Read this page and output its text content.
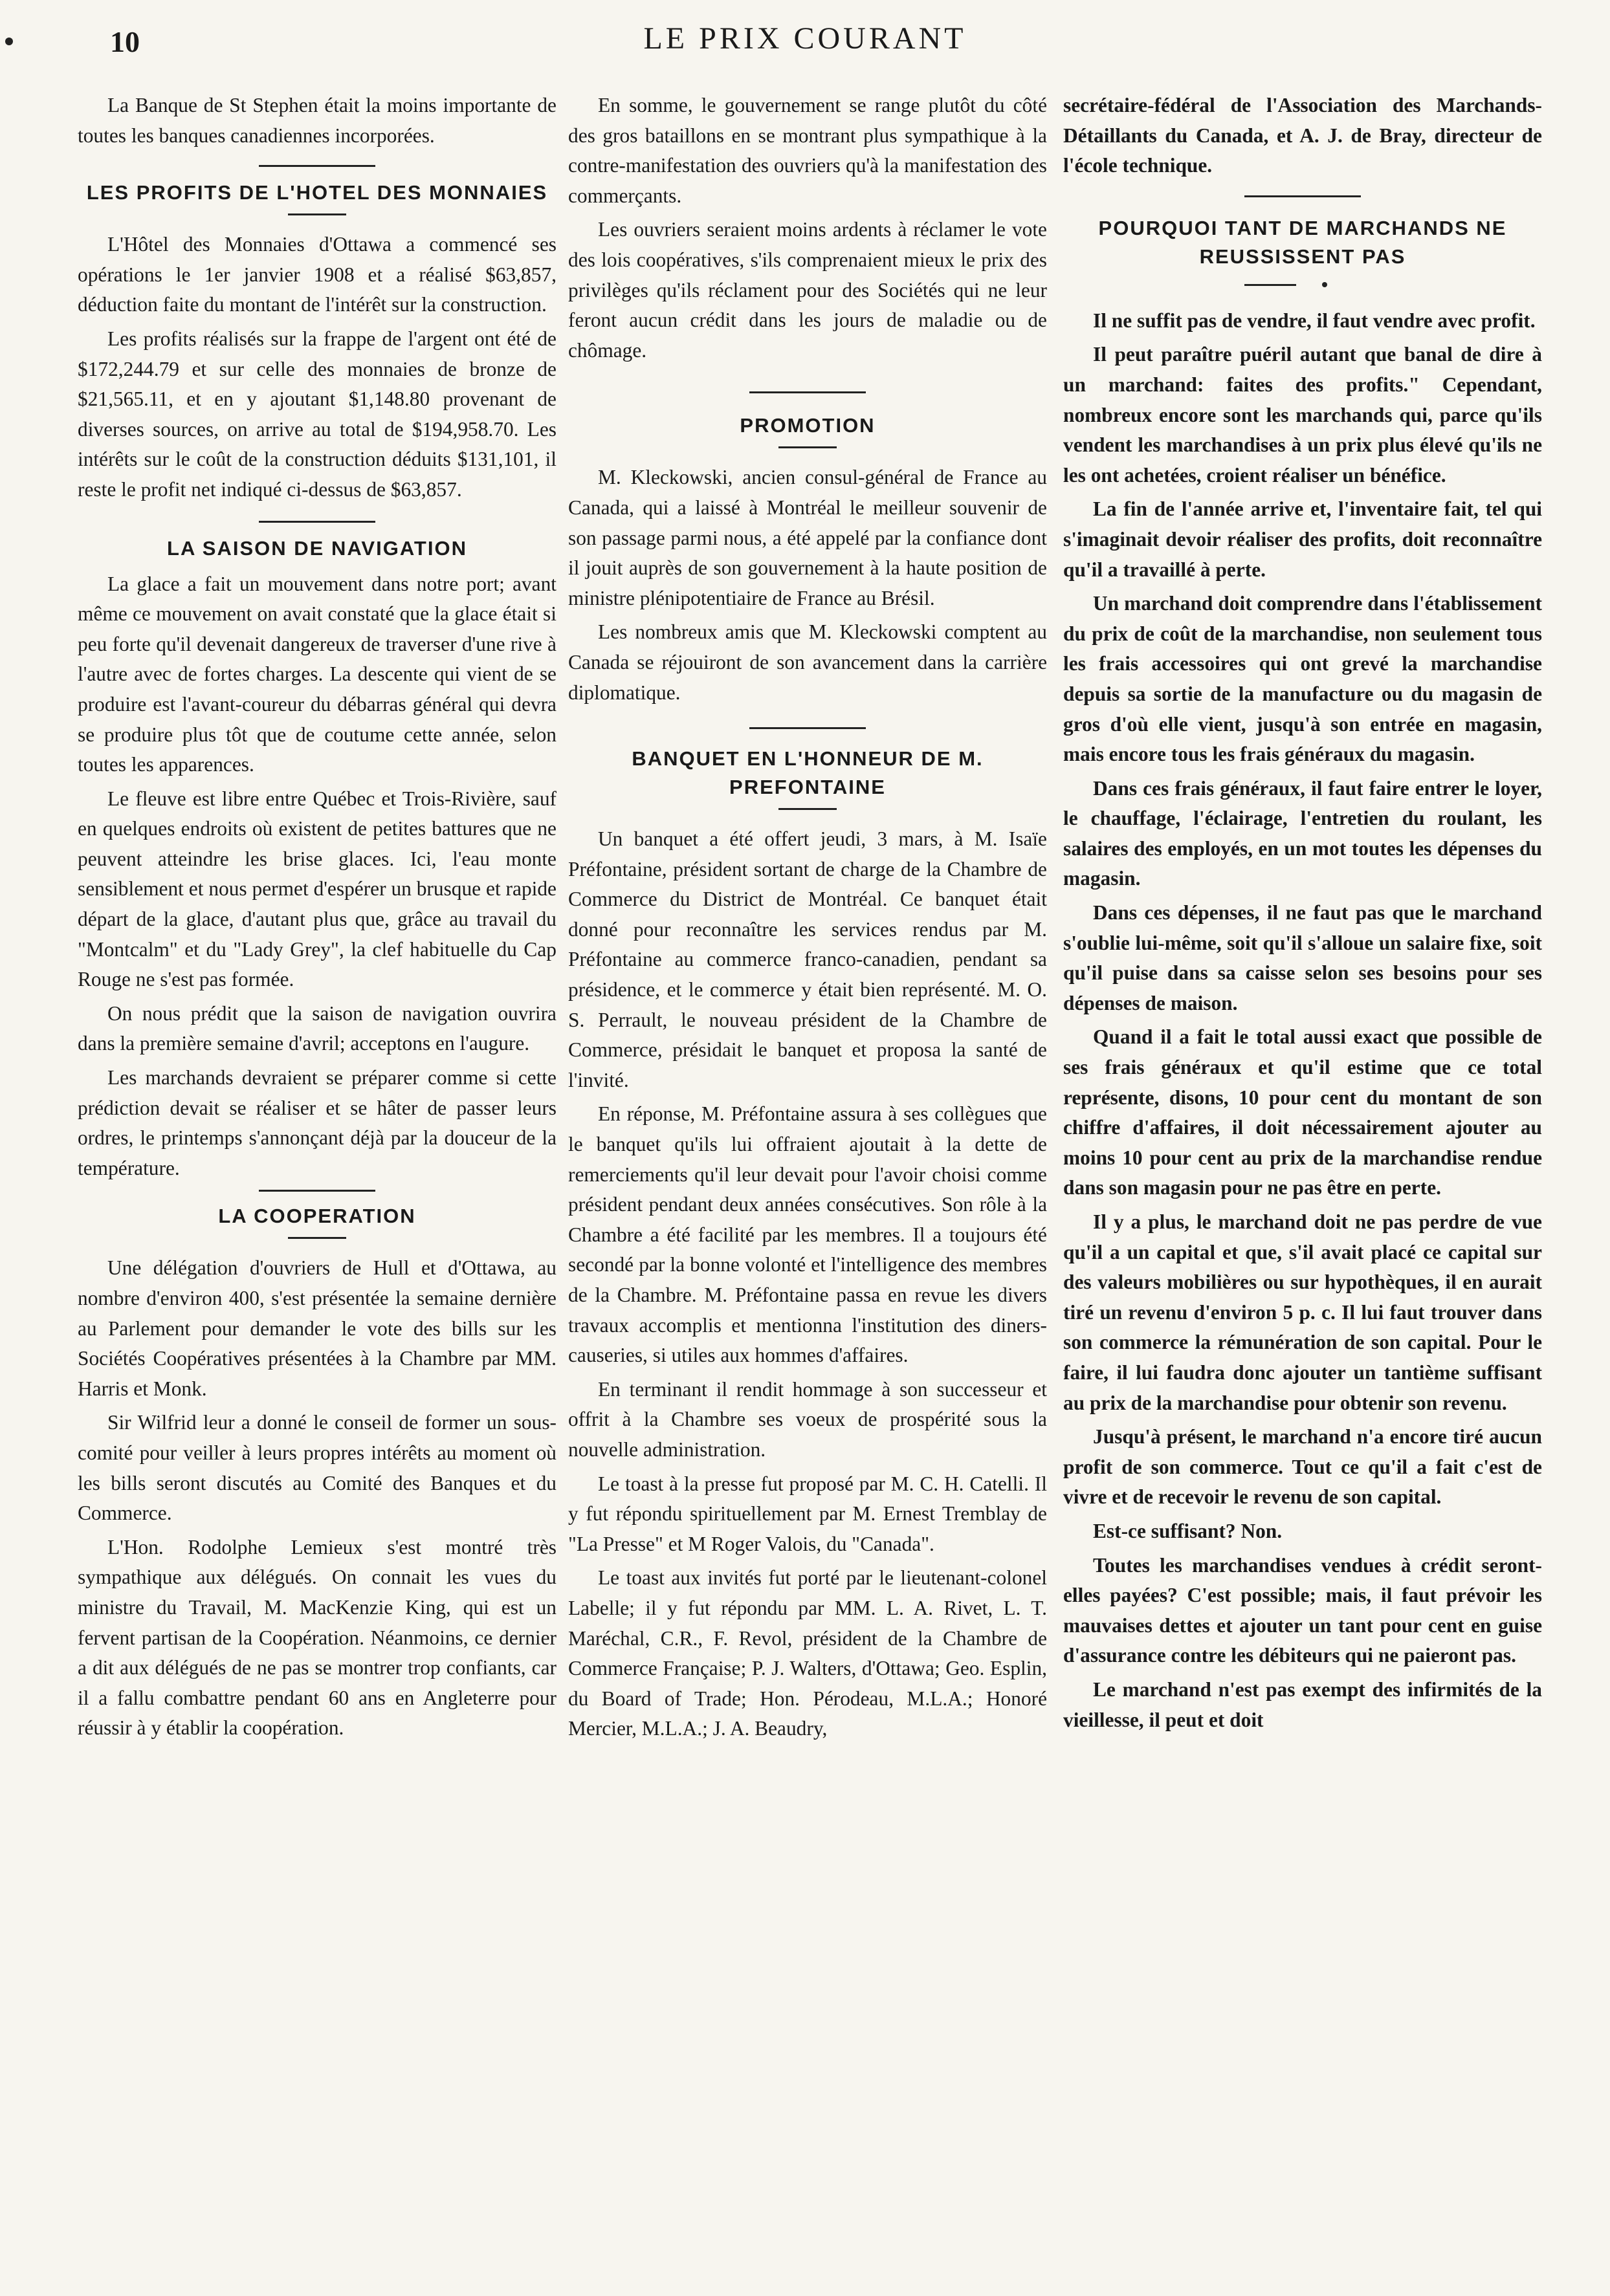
10	LE PRIX COURANT

La Banque de St Stephen était la moins importante de toutes les banques canadiennes incorporées.

LES PROFITS DE L'HOTEL DES MONNAIES

L'Hôtel des Monnaies d'Ottawa a commencé ses opérations le 1er janvier 1908 et a réalisé $63,857, déduction faite du montant de l'intérêt sur la construction.

Les profits réalisés sur la frappe de l'argent ont été de $172,244.79 et sur celle des monnaies de bronze de $21,565.11, et en y ajoutant $1,148.80 provenant de diverses sources, on arrive au total de $194,958.70. Les intérêts sur le coût de la construction déduits $131,101, il reste le profit net indiqué ci-dessus de $63,857.

LA SAISON DE NAVIGATION

La glace a fait un mouvement dans notre port; avant même ce mouvement on avait constaté que la glace était si peu forte qu'il devenait dangereux de traverser d'une rive à l'autre avec de fortes charges. La descente qui vient de se produire est l'avant-coureur du débarras général qui devra se produire plus tôt que de coutume cette année, selon toutes les apparences.

Le fleuve est libre entre Québec et Trois-Rivière, sauf en quelques endroits où existent de petites battures que ne peuvent atteindre les brise glaces. Ici, l'eau monte sensiblement et nous permet d'espérer un brusque et rapide départ de la glace, d'autant plus que, grâce au travail du "Montcalm" et du "Lady Grey", la clef habituelle du Cap Rouge ne s'est pas formée.

On nous prédit que la saison de navigation ouvrira dans la première semaine d'avril; acceptons en l'augure.

Les marchands devraient se préparer comme si cette prédiction devait se réaliser et se hâter de passer leurs ordres, le printemps s'annonçant déjà par la douceur de la température.

LA COOPERATION

Une délégation d'ouvriers de Hull et d'Ottawa, au nombre d'environ 400, s'est présentée la semaine dernière au Parlement pour demander le vote des bills sur les Sociétés Coopératives présentées à la Chambre par MM. Harris et Monk.

Sir Wilfrid leur a donné le conseil de former un sous-comité pour veiller à leurs propres intérêts au moment où les bills seront discutés au Comité des Banques et du Commerce.

L'Hon. Rodolphe Lemieux s'est montré très sympathique aux délégués. On connait les vues du ministre du Travail, M. MacKenzie King, qui est un fervent partisan de la Coopération. Néanmoins, ce dernier a dit aux délégués de ne pas se montrer trop confiants, car il a fallu combattre pendant 60 ans en Angleterre pour réussir à y établir la coopération.

En somme, le gouvernement se range plutôt du côté des gros bataillons en se montrant plus sympathique à la contre-manifestation des ouvriers qu'à la manifestation des commerçants.

Les ouvriers seraient moins ardents à réclamer le vote des lois coopératives, s'ils comprenaient mieux le prix des privilèges qu'ils réclament pour des Sociétés qui ne leur feront aucun crédit dans les jours de maladie ou de chômage.

PROMOTION

M. Kleckowski, ancien consul-général de France au Canada, qui a laissé à Montréal le meilleur souvenir de son passage parmi nous, a été appelé par la confiance dont il jouit auprès de son gouvernement à la haute position de ministre plénipotentiaire de France au Brésil.

Les nombreux amis que M. Kleckowski comptent au Canada se réjouiront de son avancement dans la carrière diplomatique.

BANQUET EN L'HONNEUR DE M. PREFONTAINE

Un banquet a été offert jeudi, 3 mars, à M. Isaïe Préfontaine, président sortant de charge de la Chambre de Commerce du District de Montréal. Ce banquet était donné pour reconnaître les services rendus par M. Préfontaine au commerce franco-canadien, pendant sa présidence, et le commerce y était bien représenté. M. O. S. Perrault, le nouveau président de la Chambre de Commerce, présidait le banquet et proposa la santé de l'invité.

En réponse, M. Préfontaine assura à ses collègues que le banquet qu'ils lui offraient ajoutait à la dette de remerciements qu'il leur devait pour l'avoir choisi comme président pendant deux années consécutives. Son rôle à la Chambre a été facilité par les membres. Il a toujours été secondé par la bonne volonté et l'intelligence des membres de la Chambre. M. Préfontaine passa en revue les divers travaux accomplis et mentionna l'institution des diners-causeries, si utiles aux hommes d'affaires.

En terminant il rendit hommage à son successeur et offrit à la Chambre ses voeux de prospérité sous la nouvelle administration.

Le toast à la presse fut proposé par M. C. H. Catelli. Il y fut répondu spirituellement par M. Ernest Tremblay de "La Presse" et M Roger Valois, du "Canada".

Le toast aux invités fut porté par le lieutenant-colonel Labelle; il y fut répondu par MM. L. A. Rivet, L. T. Maréchal, C.R., F. Revol, président de la Chambre de Commerce Française; P. J. Walters, d'Ottawa; Geo. Esplin, du Board of Trade; Hon. Pérodeau, M.L.A.; Honoré Mercier, M.L.A.; J. A. Beaudry,

secrétaire-fédéral de l'Association des Marchands-Détaillants du Canada, et A. J. de Bray, directeur de l'école technique.

POURQUOI TANT DE MARCHANDS NE REUSSISSENT PAS

Il ne suffit pas de vendre, il faut vendre avec profit.

Il peut paraître puéril autant que banal de dire à un marchand: faites des profits." Cependant, nombreux encore sont les marchands qui, parce qu'ils vendent les marchandises à un prix plus élevé qu'ils ne les ont achetées, croient réaliser un bénéfice.

La fin de l'année arrive et, l'inventaire fait, tel qui s'imaginait devoir réaliser des profits, doit reconnaître qu'il a travaillé à perte.

Un marchand doit comprendre dans l'établissement du prix de coût de la marchandise, non seulement tous les frais accessoires qui ont grevé la marchandise depuis sa sortie de la manufacture ou du magasin de gros d'où elle vient, jusqu'à son entrée en magasin, mais encore tous les frais généraux du magasin.

Dans ces frais généraux, il faut faire entrer le loyer, le chauffage, l'éclairage, l'entretien du roulant, les salaires des employés, en un mot toutes les dépenses du magasin.

Dans ces dépenses, il ne faut pas que le marchand s'oublie lui-même, soit qu'il s'alloue un salaire fixe, soit qu'il puise dans sa caisse selon ses besoins pour ses dépenses de maison.

Quand il a fait le total aussi exact que possible de ses frais généraux et qu'il estime que ce total représente, disons, 10 pour cent du montant de son chiffre d'affaires, il doit nécessairement ajouter au moins 10 pour cent au prix de la marchandise rendue dans son magasin pour ne pas être en perte.

Il y a plus, le marchand doit ne pas perdre de vue qu'il a un capital et que, s'il avait placé ce capital sur des valeurs mobilières ou sur hypothèques, il en aurait tiré un revenu d'environ 5 p. c. Il lui faut trouver dans son commerce la rémunération de son capital. Pour le faire, il lui faudra donc ajouter un tantième suffisant au prix de la marchandise pour obtenir son revenu.

Jusqu'à présent, le marchand n'a encore tiré aucun profit de son commerce. Tout ce qu'il a fait c'est de vivre et de recevoir le revenu de son capital.

Est-ce suffisant? Non.

Toutes les marchandises vendues à crédit seront-elles payées? C'est possible; mais, il faut prévoir les mauvaises dettes et ajouter un tant pour cent en guise d'assurance contre les débiteurs qui ne paieront pas.

Le marchand n'est pas exempt des infirmités de la vieillesse, il peut et doit
